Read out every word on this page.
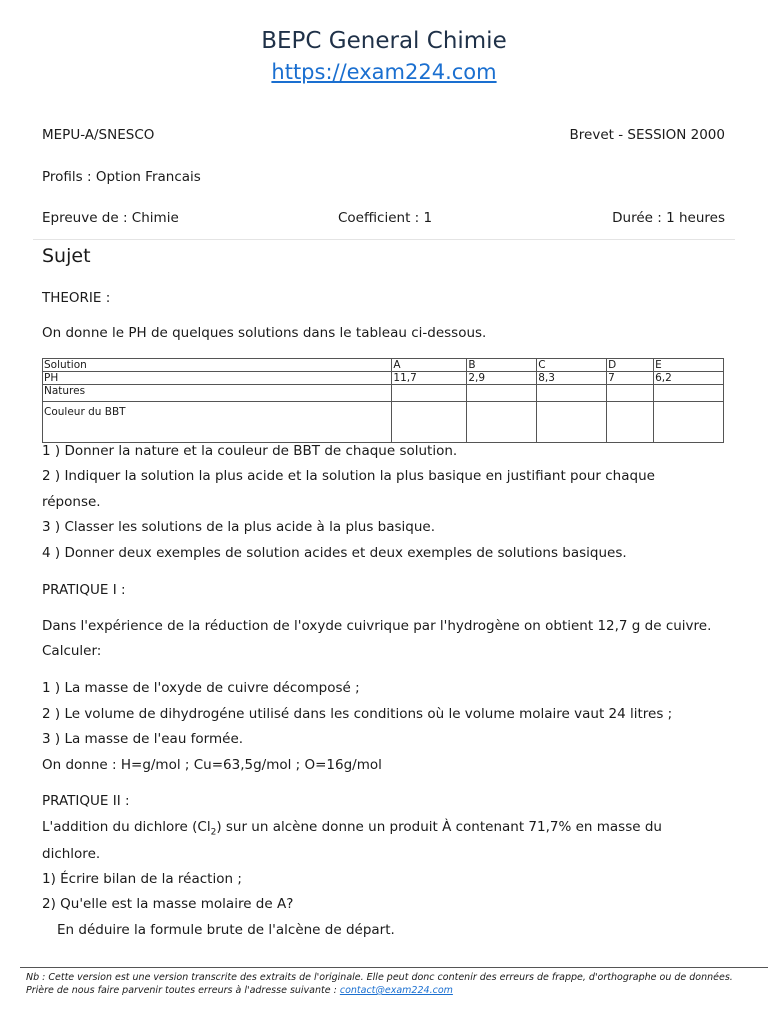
BEPC General Chimie
https://exam224.com
MEPU-A/SNESCO	Brevet - SESSION 2000
Profils : Option Francais
Epreuve de : Chimie	Coefficient : 1	Durée : 1 heures
Sujet
THEORIE :
On donne le PH de quelques solutions dans le tableau ci-dessous.
Solution	A	B	C	D	E
PH	11,7	2,9	8,3	7	6,2
Natures					
Couleur du BBT					
1 ) Donner la nature et la couleur de BBT de chaque solution.
2 ) Indiquer la solution la plus acide et la solution la plus basique en justifiant pour chaque
réponse.
3 ) Classer les solutions de la plus acide à la plus basique.
4 ) Donner deux exemples de solution acides et deux exemples de solutions basiques.
PRATIQUE I :
Dans l'expérience de la réduction de l'oxyde cuivrique par l'hydrogène on obtient 12,7 g de cuivre.
Calculer:
1 ) La masse de l'oxyde de cuivre décomposé ;
2 ) Le volume de dihydrogéne utilisé dans les conditions où le volume molaire vaut 24 litres ;
3 ) La masse de l'eau formée.
On donne : H=g/mol ; Cu=63,5g/mol ; O=16g/mol
PRATIQUE II :
L'addition du dichlore $(Cl_2)$ sur un alcène donne un produit À contenant 71,7% en masse du
dichlore.
1) Écrire bilan de la réaction ;
2) Qu'elle est la masse molaire de A?
En déduire la formule brute de l'alcène de départ.
Nb : Cette version est une version transcrite des extraits de l'originale. Elle peut donc contenir des erreurs de frappe, d'orthographe ou de données. Prière de nous faire parvenir toutes erreurs à l'adresse suivante : contact@exam224.com
